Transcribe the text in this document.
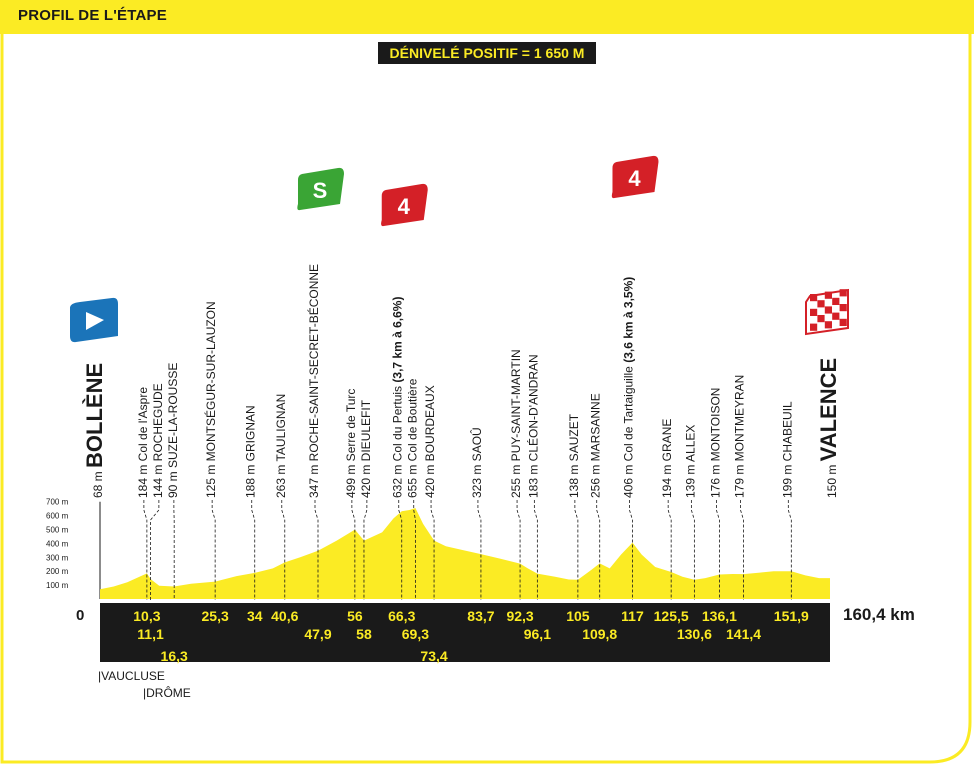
PROFIL DE L'ÉTAPE
DÉNIVELÉ POSITIF = 1 650 M
700 m
600 m
500 m
400 m
300 m
200 m
100 m
68 m BOLLÈNE
150 m VALENCE
184 m Col de l'Aspre 144 m ROCHEGUDE 90 m SUZE-LA-ROUSSE 125 m MONTSÉGUR-SUR-LAUZON 188 m GRIGNAN 263 m TAULIGNAN 347 m ROCHE-SAINT-SECRET-BÉCONNE 499 m Serre de Turc 420 m DIEULEFIT 632 m Col du Pertuis (3,7 km à 6,6%)
655 m Col de Boutière 420 m BOURDEAUX	323 m SAOÛ 255 m PUY-SAINT-MARTIN 183 m CLÉON-D'ANDRAN 138 m SAUZET 256 m MARSANNE 406 m Col de Tartaiguille (3,6 km à 3,5%)
194 m GRANE 139 m ALLEX 176 m MONTOISON 179 m MONTMEYRAN	199 m CHABEUIL
S
4
4
0	160,4 km
10,3
11,1
16,3
25,3 34 40,6
47,9
56
58
66,3
69,3
73,4
83,7 92,3
96,1
105
109,8
117 125,5
130,6
136,1
141,4
151,9
|VAUCLUSE
|DRÔME
